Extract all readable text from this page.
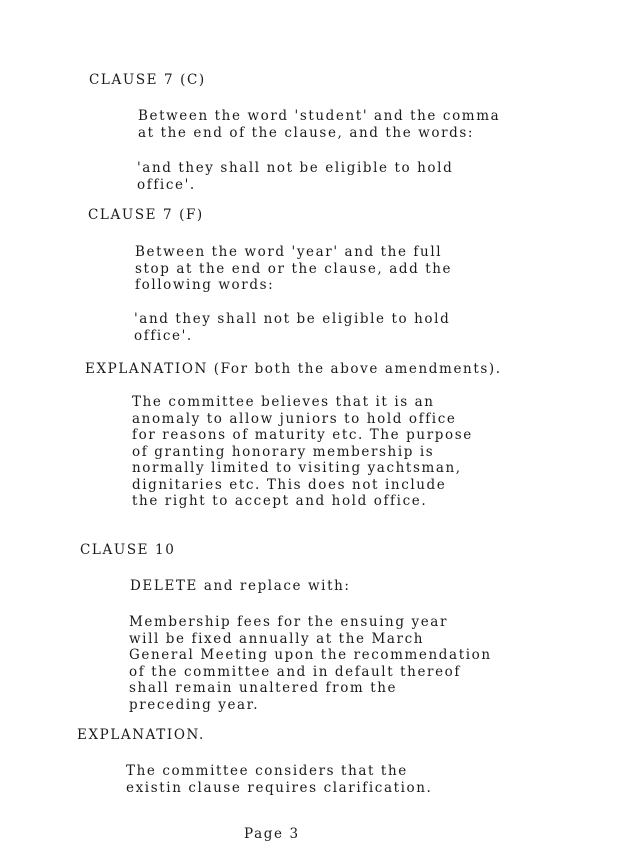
CLAUSE 7 (C)
Between the word 'student' and the comma
at the end of the clause, and the words:
'and they shall not be eligible to hold
office'.
CLAUSE 7 (F)
Between the word 'year' and the full
stop at the end or the clause, add the
following words:
'and they shall not be eligible to hold
office'.
EXPLANATION (For both the above amendments).
The committee believes that it is an
anomaly to allow juniors to hold office
for reasons of maturity etc. The purpose
of granting honorary membership is
normally limited to visiting yachtsman,
dignitaries etc. This does not include
the right to accept and hold office.
CLAUSE 10
DELETE and replace with:
Membership fees for the ensuing year
will be fixed annually at the March
General Meeting upon the recommendation
of the committee and in default thereof
shall remain unaltered from the
preceding year.
EXPLANATION.
The committee considers that the
existin clause requires clarification.
Page 3
